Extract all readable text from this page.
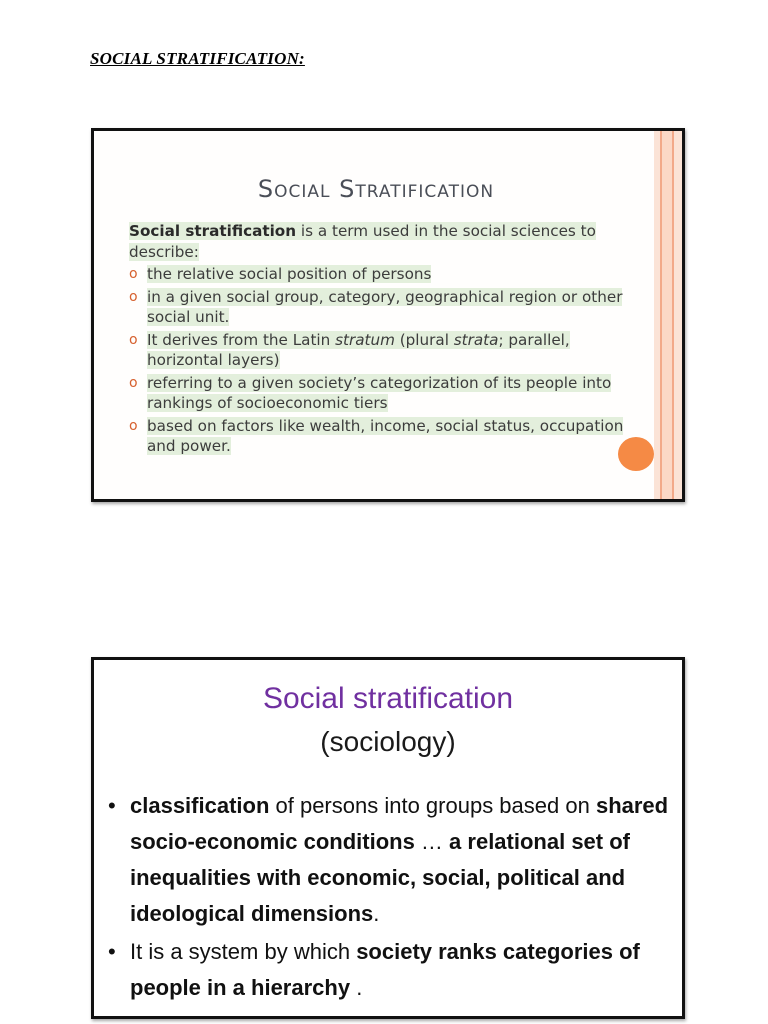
SOCIAL STRATIFICATION:
Social Stratification
Social stratification is a term used in the social sciences to describe:
o the relative social position of persons
o in a given social group, category, geographical region or other social unit.
o It derives from the Latin stratum (plural strata; parallel, horizontal layers)
o referring to a given society’s categorization of its people into rankings of socioeconomic tiers
o based on factors like wealth, income, social status, occupation and power.
Social stratification
(sociology)
• classification of persons into groups based on shared socio-economic conditions … a relational set of inequalities with economic, social, political and ideological dimensions.
• It is a system by which society ranks categories of people in a hierarchy .
